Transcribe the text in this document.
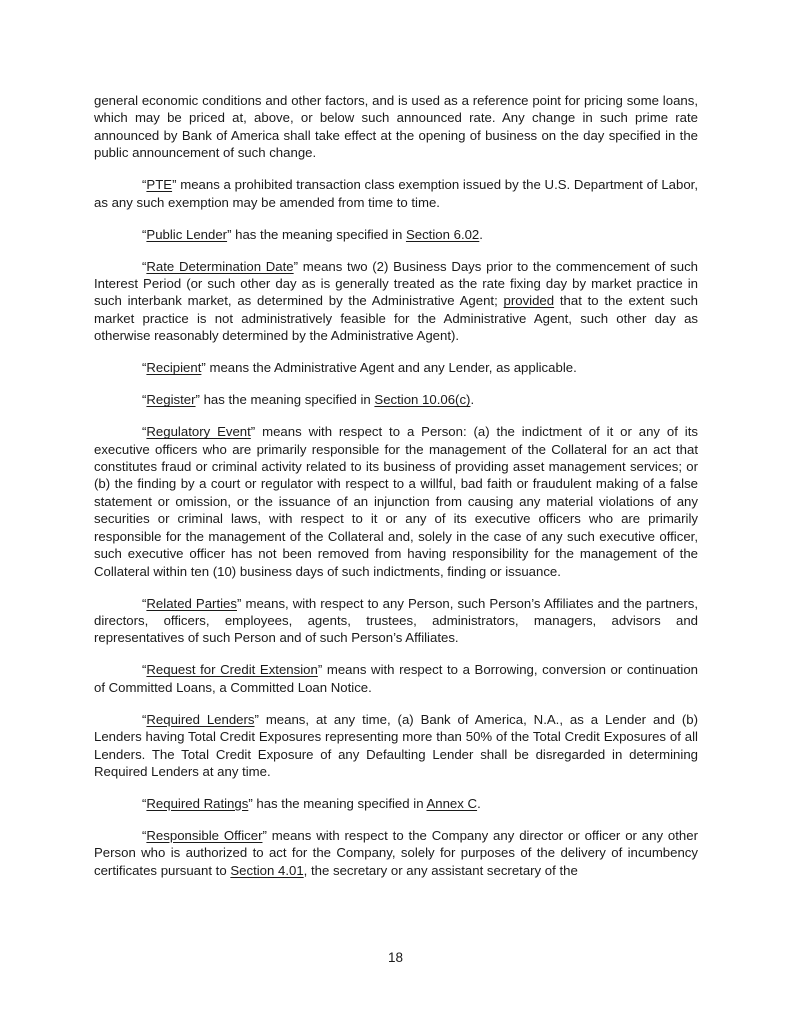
general economic conditions and other factors, and is used as a reference point for pricing some loans, which may be priced at, above, or below such announced rate. Any change in such prime rate announced by Bank of America shall take effect at the opening of business on the day specified in the public announcement of such change.

“PTE” means a prohibited transaction class exemption issued by the U.S. Department of Labor, as any such exemption may be amended from time to time.

“Public Lender” has the meaning specified in Section 6.02.

“Rate Determination Date” means two (2) Business Days prior to the commencement of such Interest Period (or such other day as is generally treated as the rate fixing day by market practice in such interbank market, as determined by the Administrative Agent; provided that to the extent such market practice is not administratively feasible for the Administrative Agent, such other day as otherwise reasonably determined by the Administrative Agent).

“Recipient” means the Administrative Agent and any Lender, as applicable.

“Register” has the meaning specified in Section 10.06(c).

“Regulatory Event” means with respect to a Person: (a) the indictment of it or any of its executive officers who are primarily responsible for the management of the Collateral for an act that constitutes fraud or criminal activity related to its business of providing asset management services; or (b) the finding by a court or regulator with respect to a willful, bad faith or fraudulent making of a false statement or omission, or the issuance of an injunction from causing any material violations of any securities or criminal laws, with respect to it or any of its executive officers who are primarily responsible for the management of the Collateral and, solely in the case of any such executive officer, such executive officer has not been removed from having responsibility for the management of the Collateral within ten (10) business days of such indictments, finding or issuance.

“Related Parties” means, with respect to any Person, such Person’s Affiliates and the partners, directors, officers, employees, agents, trustees, administrators, managers, advisors and representatives of such Person and of such Person’s Affiliates.

“Request for Credit Extension” means with respect to a Borrowing, conversion or continuation of Committed Loans, a Committed Loan Notice.

“Required Lenders” means, at any time, (a) Bank of America, N.A., as a Lender and (b) Lenders having Total Credit Exposures representing more than 50% of the Total Credit Exposures of all Lenders. The Total Credit Exposure of any Defaulting Lender shall be disregarded in determining Required Lenders at any time.

“Required Ratings” has the meaning specified in Annex C.

“Responsible Officer” means with respect to the Company any director or officer or any other Person who is authorized to act for the Company, solely for purposes of the delivery of incumbency certificates pursuant to Section 4.01, the secretary or any assistant secretary of the

18
